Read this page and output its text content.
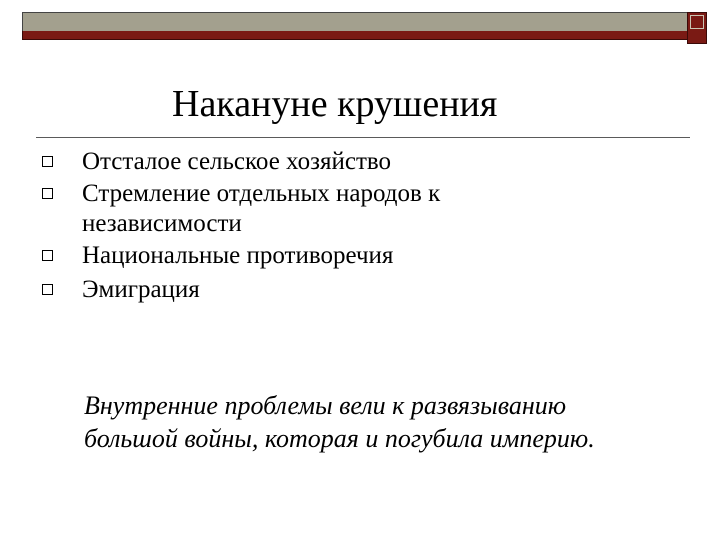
Накануне крушения
Отсталое сельское хозяйство
Стремление отдельных народов к
независимости
Национальные противоречия
Эмиграция
Внутренние проблемы вели к развязыванию
большой войны, которая и погубила империю.
